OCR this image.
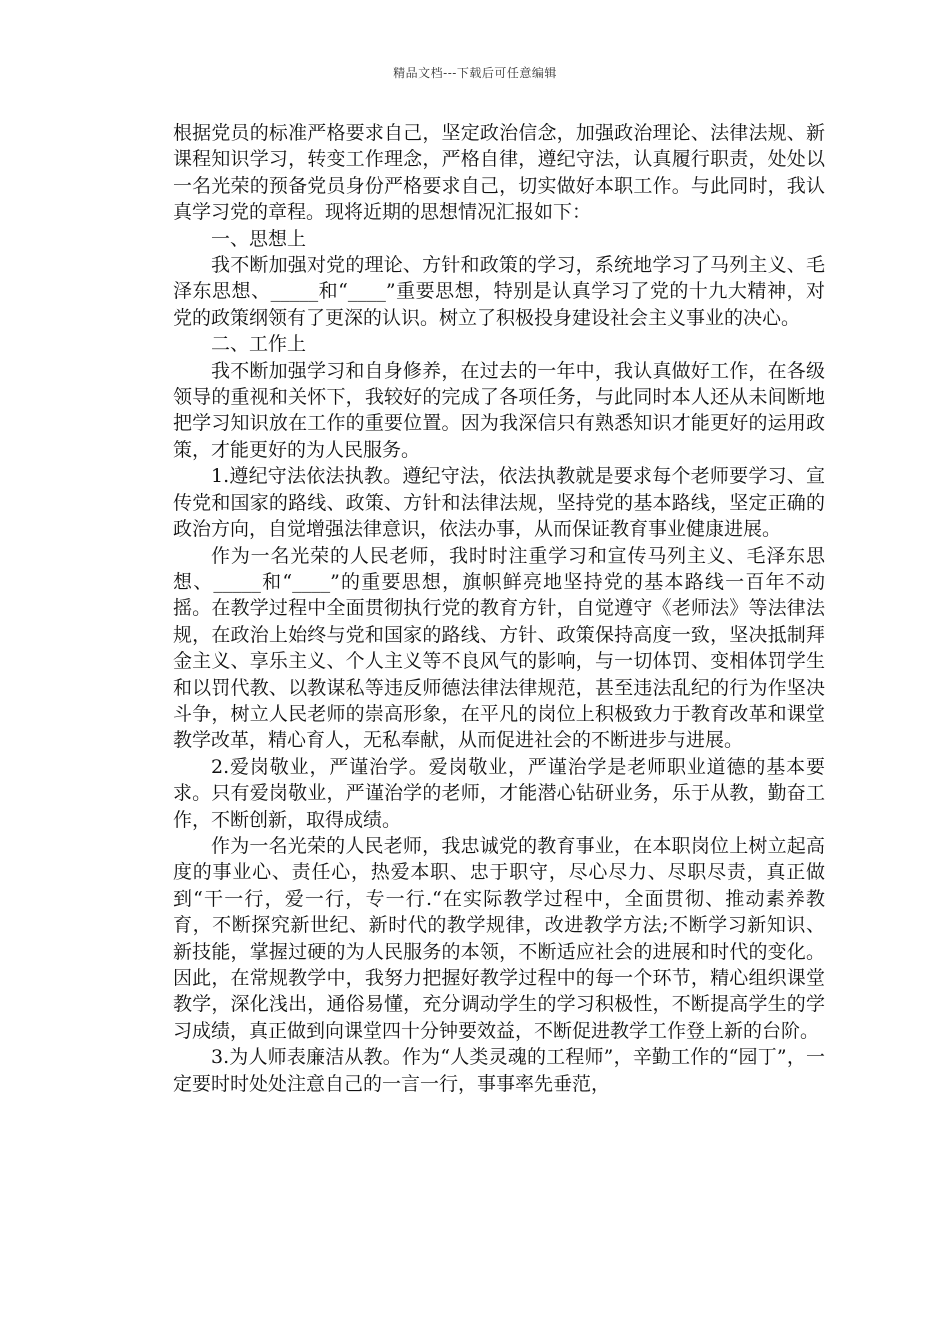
精品文档---下载后可任意编辑

根据党员的标准严格要求自己，坚定政治信念，加强政治理论、法律法规、新课程知识学习，转变工作理念，严格自律，遵纪守法，认真履行职责，处处以一名光荣的预备党员身份严格要求自己，切实做好本职工作。与此同时，我认真学习党的章程。现将近期的思想情况汇报如下：

一、思想上

我不断加强对党的理论、方针和政策的学习，系统地学习了马列主义、毛泽东思想、_____和“____”重要思想，特别是认真学习了党的十九大精神，对党的政策纲领有了更深的认识。树立了积极投身建设社会主义事业的决心。

二、工作上

我不断加强学习和自身修养，在过去的一年中，我认真做好工作，在各级领导的重视和关怀下，我较好的完成了各项任务，与此同时本人还从未间断地把学习知识放在工作的重要位置。因为我深信只有熟悉知识才能更好的运用政策，才能更好的为人民服务。

1.遵纪守法依法执教。遵纪守法，依法执教就是要求每个老师要学习、宣传党和国家的路线、政策、方针和法律法规，坚持党的基本路线，坚定正确的政治方向，自觉增强法律意识，依法办事，从而保证教育事业健康进展。

作为一名光荣的人民老师，我时时注重学习和宣传马列主义、毛泽东思想、_____和“____”的重要思想，旗帜鲜亮地坚持党的基本路线一百年不动摇。在教学过程中全面贯彻执行党的教育方针，自觉遵守《老师法》等法律法规，在政治上始终与党和国家的路线、方针、政策保持高度一致，坚决抵制拜金主义、享乐主义、个人主义等不良风气的影响，与一切体罚、变相体罚学生和以罚代教、以教谋私等违反师德法律法律规范，甚至违法乱纪的行为作坚决斗争，树立人民老师的崇高形象，在平凡的岗位上积极致力于教育改革和课堂教学改革，精心育人，无私奉献，从而促进社会的不断进步与进展。

2.爱岗敬业，严谨治学。爱岗敬业，严谨治学是老师职业道德的基本要求。只有爱岗敬业，严谨治学的老师，才能潜心钻研业务，乐于从教，勤奋工作，不断创新，取得成绩。

作为一名光荣的人民老师，我忠诚党的教育事业，在本职岗位上树立起高度的事业心、责任心，热爱本职、忠于职守，尽心尽力、尽职尽责，真正做到“干一行，爱一行，专一行.“在实际教学过程中，全面贯彻、推动素养教育，不断探究新世纪、新时代的教学规律，改进教学方法;不断学习新知识、新技能，掌握过硬的为人民服务的本领，不断适应社会的进展和时代的变化。因此，在常规教学中，我努力把握好教学过程中的每一个环节，精心组织课堂教学，深化浅出，通俗易懂，充分调动学生的学习积极性，不断提高学生的学习成绩，真正做到向课堂四十分钟要效益，不断促进教学工作登上新的台阶。

3.为人师表廉洁从教。作为“人类灵魂的工程师”，辛勤工作的“园丁”，一定要时时处处注意自己的一言一行，事事率先垂范，
